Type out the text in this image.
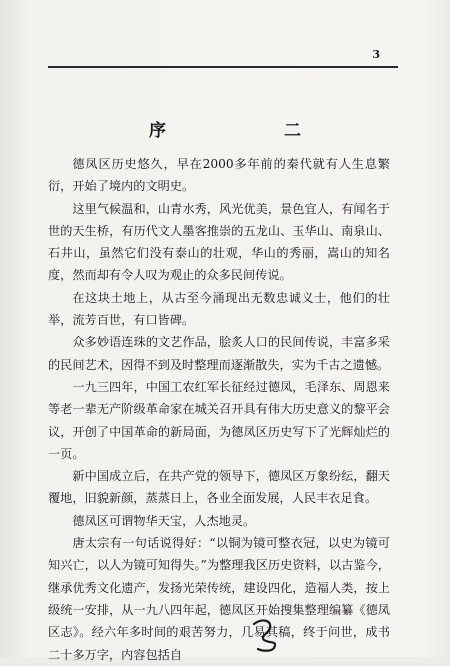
3
序 二

德凤区历史悠久，早在2000多年前的秦代就有人生息繁衍，开始了境内的文明史。

这里气候温和，山青水秀，风光优美，景色宜人，有闻名于世的天生桥，有历代文人墨客推崇的五龙山、玉华山、南泉山、石井山，虽然它们没有泰山的壮观，华山的秀丽，嵩山的知名度，然而却有令人叹为观止的众多民间传说。

在这块土地上，从古至今涌现出无数忠诚义士，他们的壮举，流芳百世，有口皆碑。

众多妙语连珠的文艺作品，脍炙人口的民间传说，丰富多采的民间艺术，因得不到及时整理而逐渐散失，实为千古之遗憾。

一九三四年，中国工农红军长征经过德凤，毛泽东、周恩来等老一辈无产阶级革命家在城关召开具有伟大历史意义的黎平会议，开创了中国革命的新局面，为德凤区历史写下了光辉灿烂的一页。

新中国成立后，在共产党的领导下，德凤区万象纷纭，翻天覆地，旧貌新颜，蒸蒸日上，各业全面发展，人民丰衣足食。

德凤区可谓物华天宝，人杰地灵。

唐太宗有一句话说得好：“以铜为镜可整衣冠，以史为镜可知兴亡，以人为镜可知得失。”为整理我区历史资料，以古鉴今，继承优秀文化遗产，发扬光荣传统，建设四化，造福人类，按上级统一安排，从一九八四年起，德凤区开始搜集整理编纂《德凤区志》。经六年多时间的艰苦努力，几易其稿，终于问世，成书二十多万字，内容包括自
